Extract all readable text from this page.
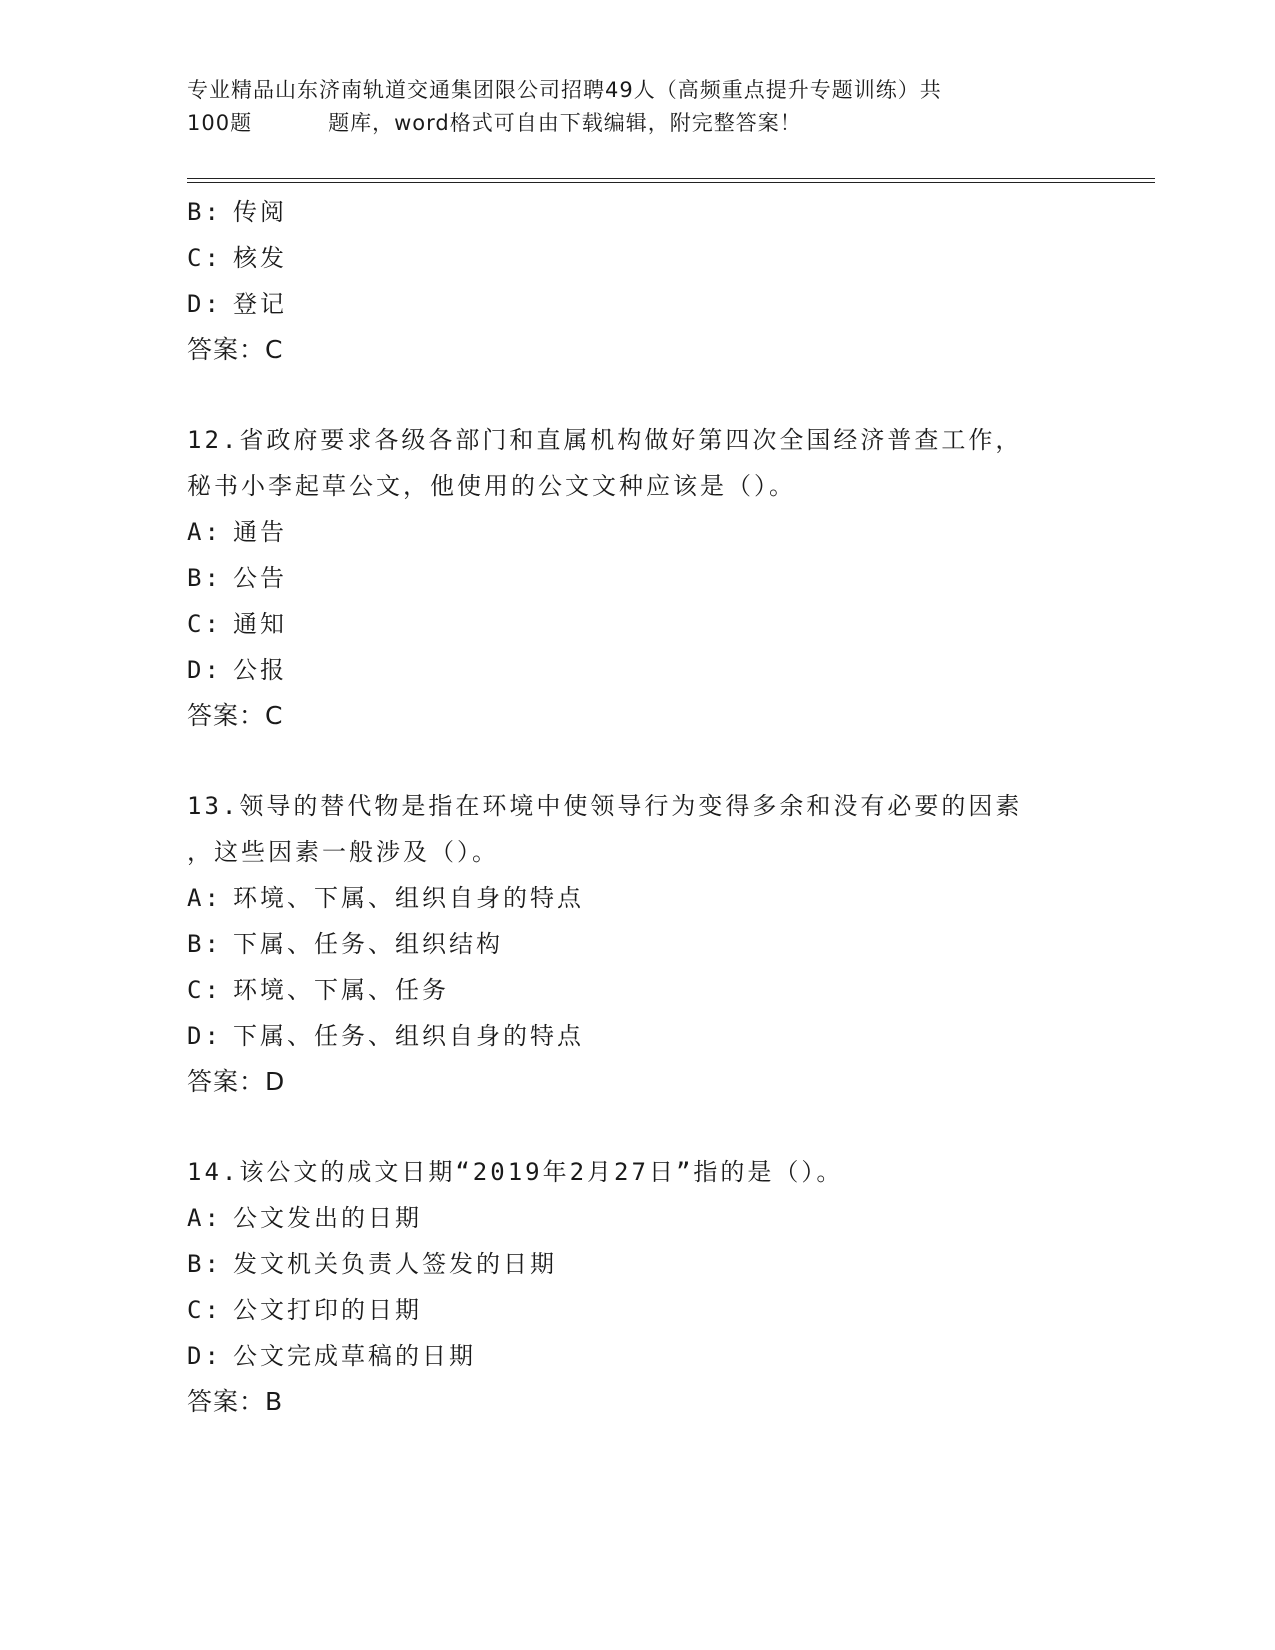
专业精品山东济南轨道交通集团限公司招聘49人（高频重点提升专题训练）共
100题	题库，word格式可自由下载编辑，附完整答案！
B: 传阅
C: 核发
D: 登记
答案：C
12.省政府要求各级各部门和直属机构做好第四次全国经济普查工作，
秘书小李起草公文，他使用的公文文种应该是（）。
A: 通告
B: 公告
C: 通知
D: 公报
答案：C
13.领导的替代物是指在环境中使领导行为变得多余和没有必要的因素
，这些因素一般涉及（）。
A: 环境、下属、组织自身的特点
B: 下属、任务、组织结构
C: 环境、下属、任务
D: 下属、任务、组织自身的特点
答案：D
14.该公文的成文日期“2019年2月27日”指的是（）。
A: 公文发出的日期
B: 发文机关负责人签发的日期
C: 公文打印的日期
D: 公文完成草稿的日期
答案：B
